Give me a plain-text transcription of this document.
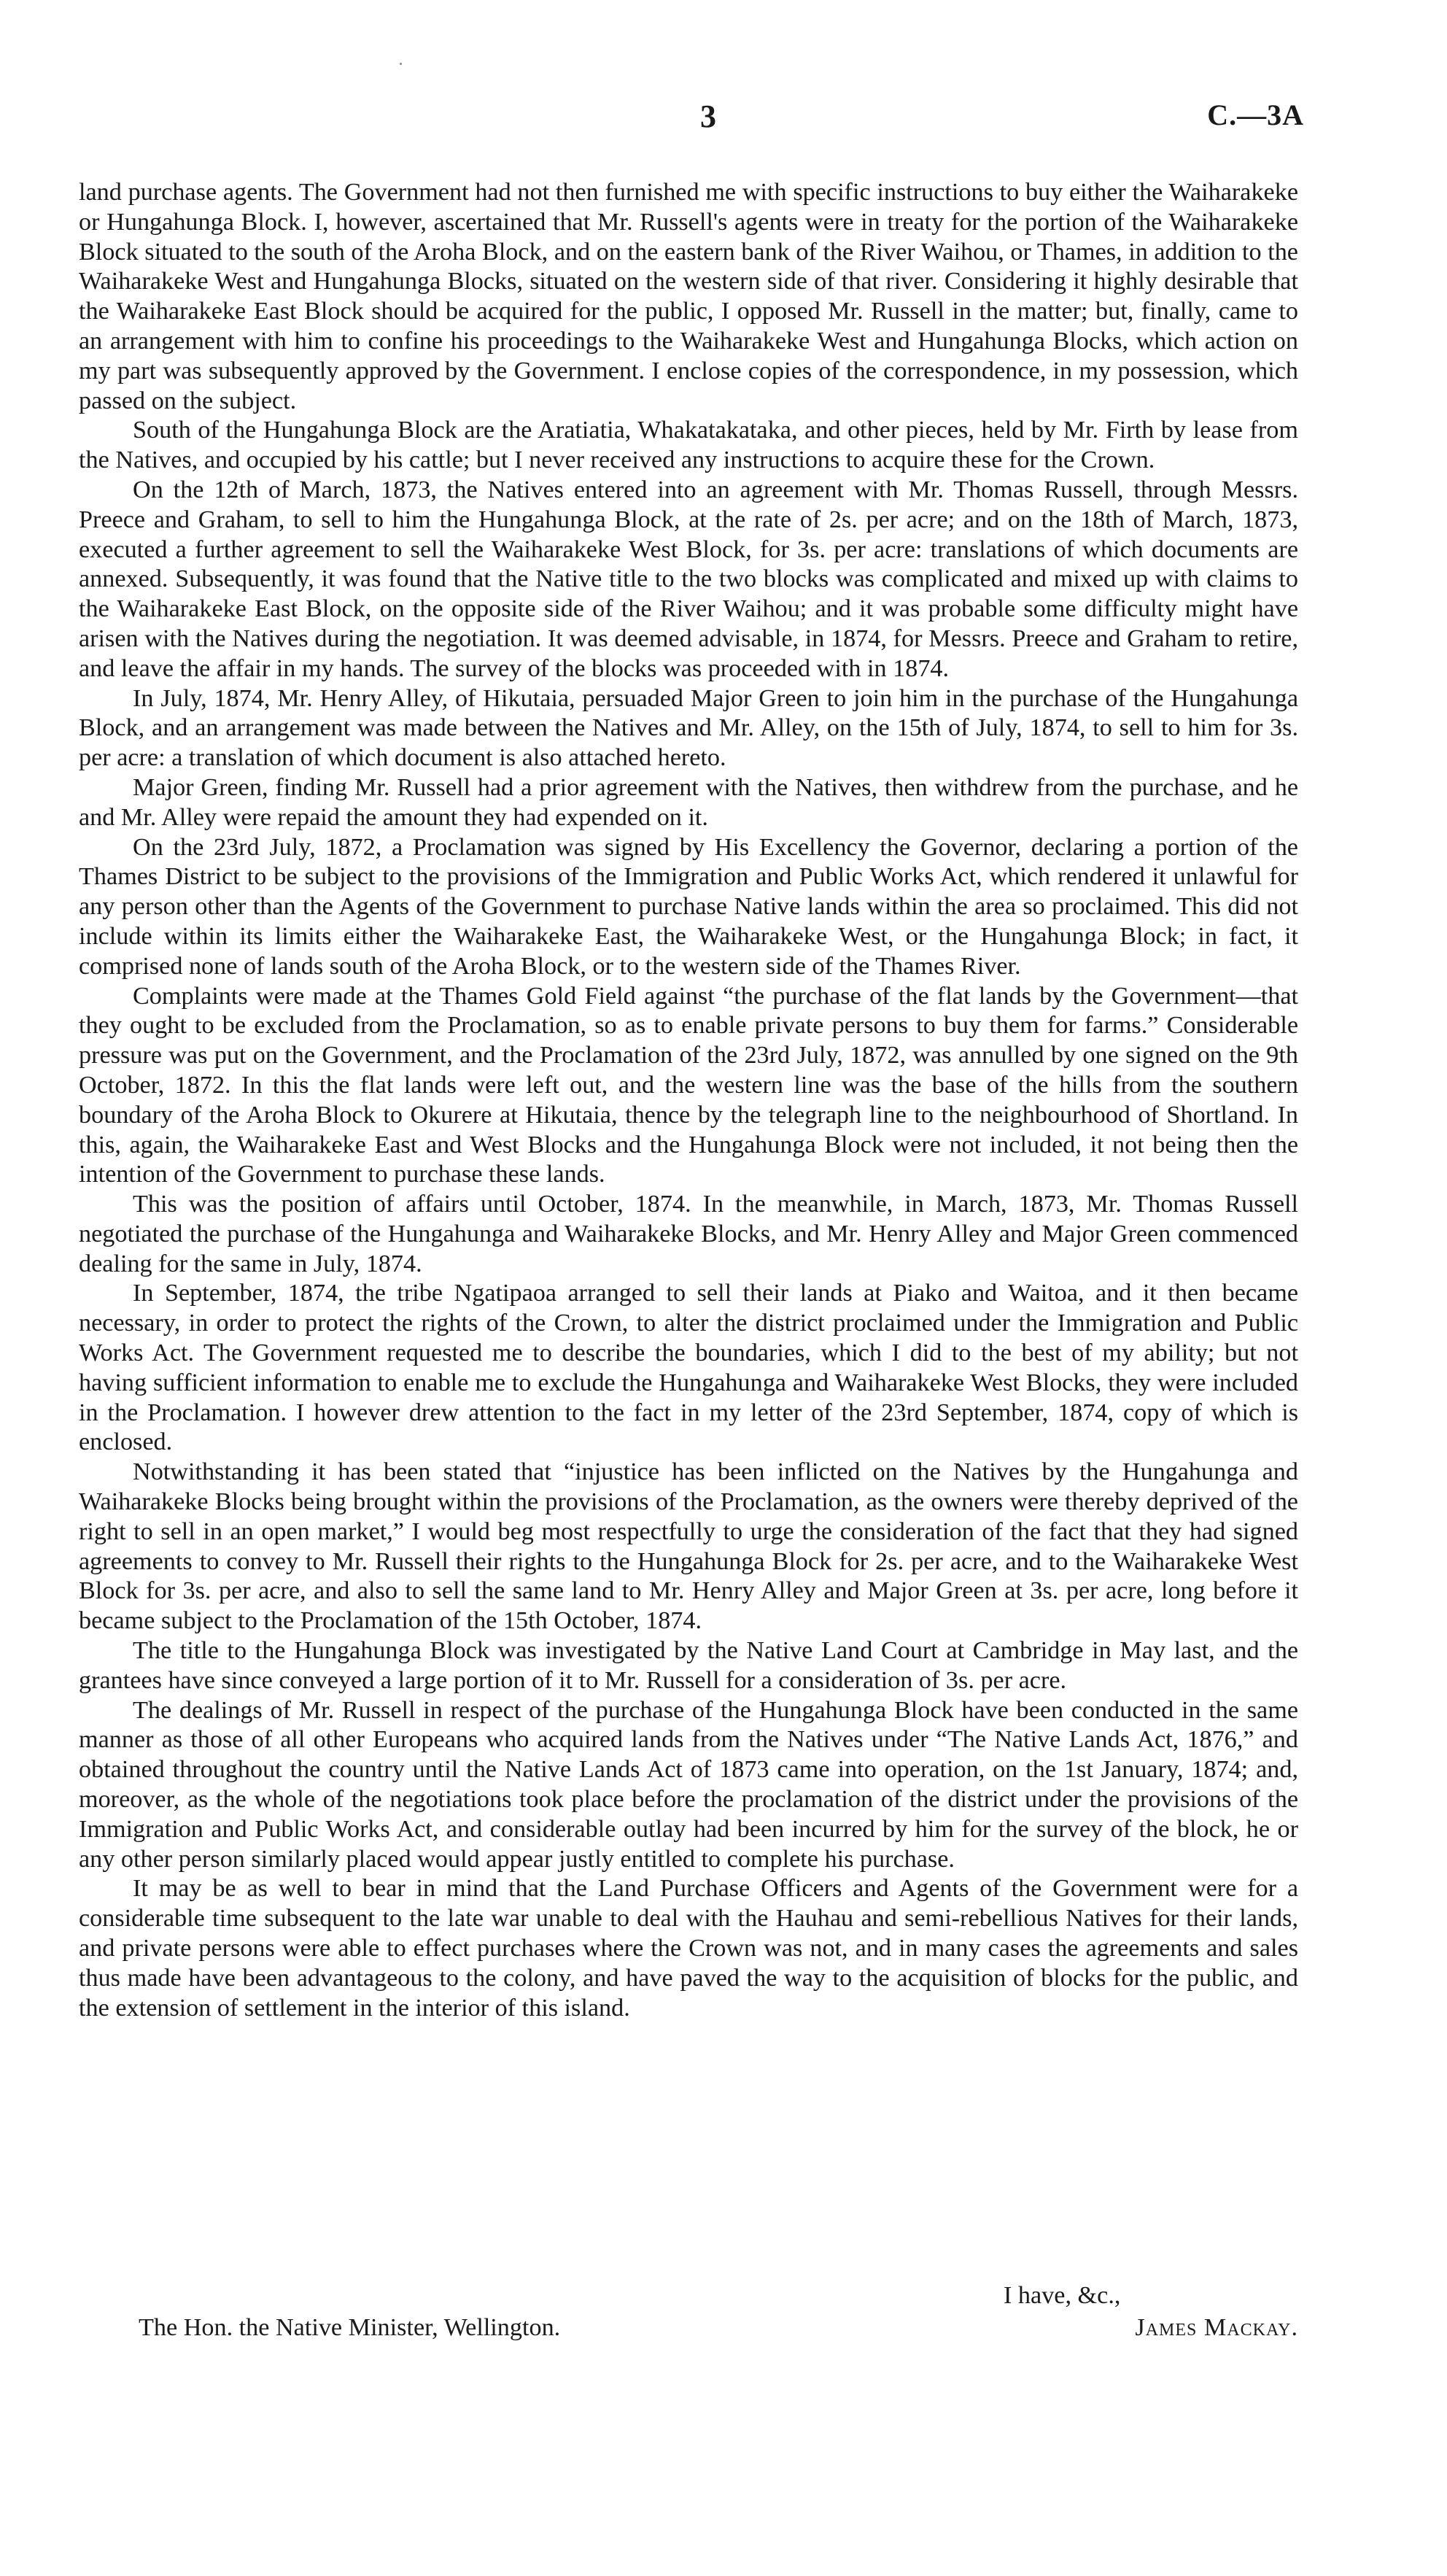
3	C.—3A

land purchase agents. The Government had not then furnished me with specific instructions to buy either the Waiharakeke or Hungahunga Block. I, however, ascertained that Mr. Russell's agents were in treaty for the portion of the Waiharakeke Block situated to the south of the Aroha Block, and on the eastern bank of the River Waihou, or Thames, in addition to the Waiharakeke West and Hungahunga Blocks, situated on the western side of that river. Considering it highly desirable that the Waiharakeke East Block should be acquired for the public, I opposed Mr. Russell in the matter; but, finally, came to an arrangement with him to confine his proceedings to the Waiharakeke West and Hungahunga Blocks, which action on my part was subsequently approved by the Government. I enclose copies of the correspondence, in my possession, which passed on the subject.

South of the Hungahunga Block are the Aratiatia, Whakatakataka, and other pieces, held by Mr. Firth by lease from the Natives, and occupied by his cattle; but I never received any instructions to acquire these for the Crown.

On the 12th of March, 1873, the Natives entered into an agreement with Mr. Thomas Russell, through Messrs. Preece and Graham, to sell to him the Hungahunga Block, at the rate of 2s. per acre; and on the 18th of March, 1873, executed a further agreement to sell the Waiharakeke West Block, for 3s. per acre: translations of which documents are annexed. Subsequently, it was found that the Native title to the two blocks was complicated and mixed up with claims to the Waiharakeke East Block, on the opposite side of the River Waihou; and it was probable some difficulty might have arisen with the Natives during the negotiation. It was deemed advisable, in 1874, for Messrs. Preece and Graham to retire, and leave the affair in my hands. The survey of the blocks was proceeded with in 1874.

In July, 1874, Mr. Henry Alley, of Hikutaia, persuaded Major Green to join him in the purchase of the Hungahunga Block, and an arrangement was made between the Natives and Mr. Alley, on the 15th of July, 1874, to sell to him for 3s. per acre: a translation of which document is also attached hereto.

Major Green, finding Mr. Russell had a prior agreement with the Natives, then withdrew from the purchase, and he and Mr. Alley were repaid the amount they had expended on it.

On the 23rd July, 1872, a Proclamation was signed by His Excellency the Governor, declaring a portion of the Thames District to be subject to the provisions of the Immigration and Public Works Act, which rendered it unlawful for any person other than the Agents of the Government to purchase Native lands within the area so proclaimed. This did not include within its limits either the Waiharakeke East, the Waiharakeke West, or the Hungahunga Block; in fact, it comprised none of lands south of the Aroha Block, or to the western side of the Thames River.

Complaints were made at the Thames Gold Field against “the purchase of the flat lands by the Government—that they ought to be excluded from the Proclamation, so as to enable private persons to buy them for farms.” Considerable pressure was put on the Government, and the Proclamation of the 23rd July, 1872, was annulled by one signed on the 9th October, 1872. In this the flat lands were left out, and the western line was the base of the hills from the southern boundary of the Aroha Block to Okurere at Hikutaia, thence by the telegraph line to the neighbourhood of Shortland. In this, again, the Waiharakeke East and West Blocks and the Hungahunga Block were not included, it not being then the intention of the Government to purchase these lands.

This was the position of affairs until October, 1874. In the meanwhile, in March, 1873, Mr. Thomas Russell negotiated the purchase of the Hungahunga and Waiharakeke Blocks, and Mr. Henry Alley and Major Green commenced dealing for the same in July, 1874.

In September, 1874, the tribe Ngatipaoa arranged to sell their lands at Piako and Waitoa, and it then became necessary, in order to protect the rights of the Crown, to alter the district proclaimed under the Immigration and Public Works Act. The Government requested me to describe the boundaries, which I did to the best of my ability; but not having sufficient information to enable me to exclude the Hungahunga and Waiharakeke West Blocks, they were included in the Proclamation. I however drew attention to the fact in my letter of the 23rd September, 1874, copy of which is enclosed.

Notwithstanding it has been stated that “injustice has been inflicted on the Natives by the Hungahunga and Waiharakeke Blocks being brought within the provisions of the Proclamation, as the owners were thereby deprived of the right to sell in an open market,” I would beg most respectfully to urge the consideration of the fact that they had signed agreements to convey to Mr. Russell their rights to the Hungahunga Block for 2s. per acre, and to the Waiharakeke West Block for 3s. per acre, and also to sell the same land to Mr. Henry Alley and Major Green at 3s. per acre, long before it became subject to the Proclamation of the 15th October, 1874.

The title to the Hungahunga Block was investigated by the Native Land Court at Cambridge in May last, and the grantees have since conveyed a large portion of it to Mr. Russell for a consideration of 3s. per acre.

The dealings of Mr. Russell in respect of the purchase of the Hungahunga Block have been conducted in the same manner as those of all other Europeans who acquired lands from the Natives under “The Native Lands Act, 1876,” and obtained throughout the country until the Native Lands Act of 1873 came into operation, on the 1st January, 1874; and, moreover, as the whole of the negotiations took place before the proclamation of the district under the provisions of the Immigration and Public Works Act, and considerable outlay had been incurred by him for the survey of the block, he or any other person similarly placed would appear justly entitled to complete his purchase.

It may be as well to bear in mind that the Land Purchase Officers and Agents of the Government were for a considerable time subsequent to the late war unable to deal with the Hauhau and semi-rebellious Natives for their lands, and private persons were able to effect purchases where the Crown was not, and in many cases the agreements and sales thus made have been advantageous to the colony, and have paved the way to the acquisition of blocks for the public, and the extension of settlement in the interior of this island.

I have, &c.,
The Hon. the Native Minister, Wellington.	James Mackay.
